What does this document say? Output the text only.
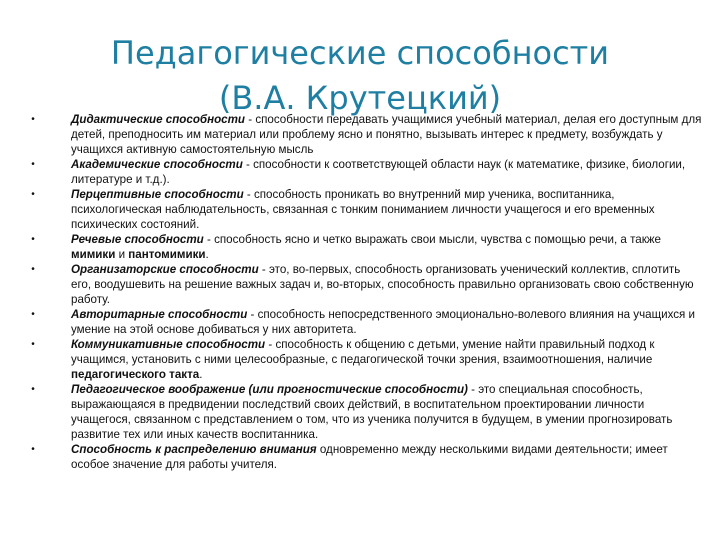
Педагогические способности
(В.А. Крутецкий)
•	Дидактические способности - способности передавать учащимися учебный материал, делая его доступным для детей, преподносить им материал или проблему ясно и понятно, вызывать интерес к предмету, возбуждать у учащихся активную самостоятельную мысль
•	Академические способности - способности к соответствующей области наук (к математике, физике, биологии, литературе и т.д.).
•	Перцептивные способности - способность проникать во внутренний мир ученика, воспитанника, психологическая наблюдательность, связанная с тонким пониманием личности учащегося и его временных психических состояний.
•	Речевые способности - способность ясно и четко выражать свои мысли, чувства с помощью речи, а также мимики и пантомимики.
•	Организаторские способности - это, во-первых, способность организовать ученический коллектив, сплотить его, воодушевить на решение важных задач и, во-вторых, способность правильно организовать свою собственную работу.
•	Авторитарные способности - способность непосредственного эмоционально-волевого влияния на учащихся и умение на этой основе добиваться у них авторитета.
•	Коммуникативные способности - способность к общению с детьми, умение найти правильный подход к учащимся, установить с ними целесообразные, с педагогической точки зрения, взаимоотношения, наличие педагогического такта.
•	Педагогическое воображение (или прогностические способности) - это специальная способность, выражающаяся в предвидении последствий своих действий, в воспитательном проектировании личности учащегося, связанном с представлением о том, что из ученика получится в будущем, в умении прогнозировать развитие тех или иных качеств воспитанника.
•	Способность к распределению внимания одновременно между несколькими видами деятельности; имеет особое значение для работы учителя.
